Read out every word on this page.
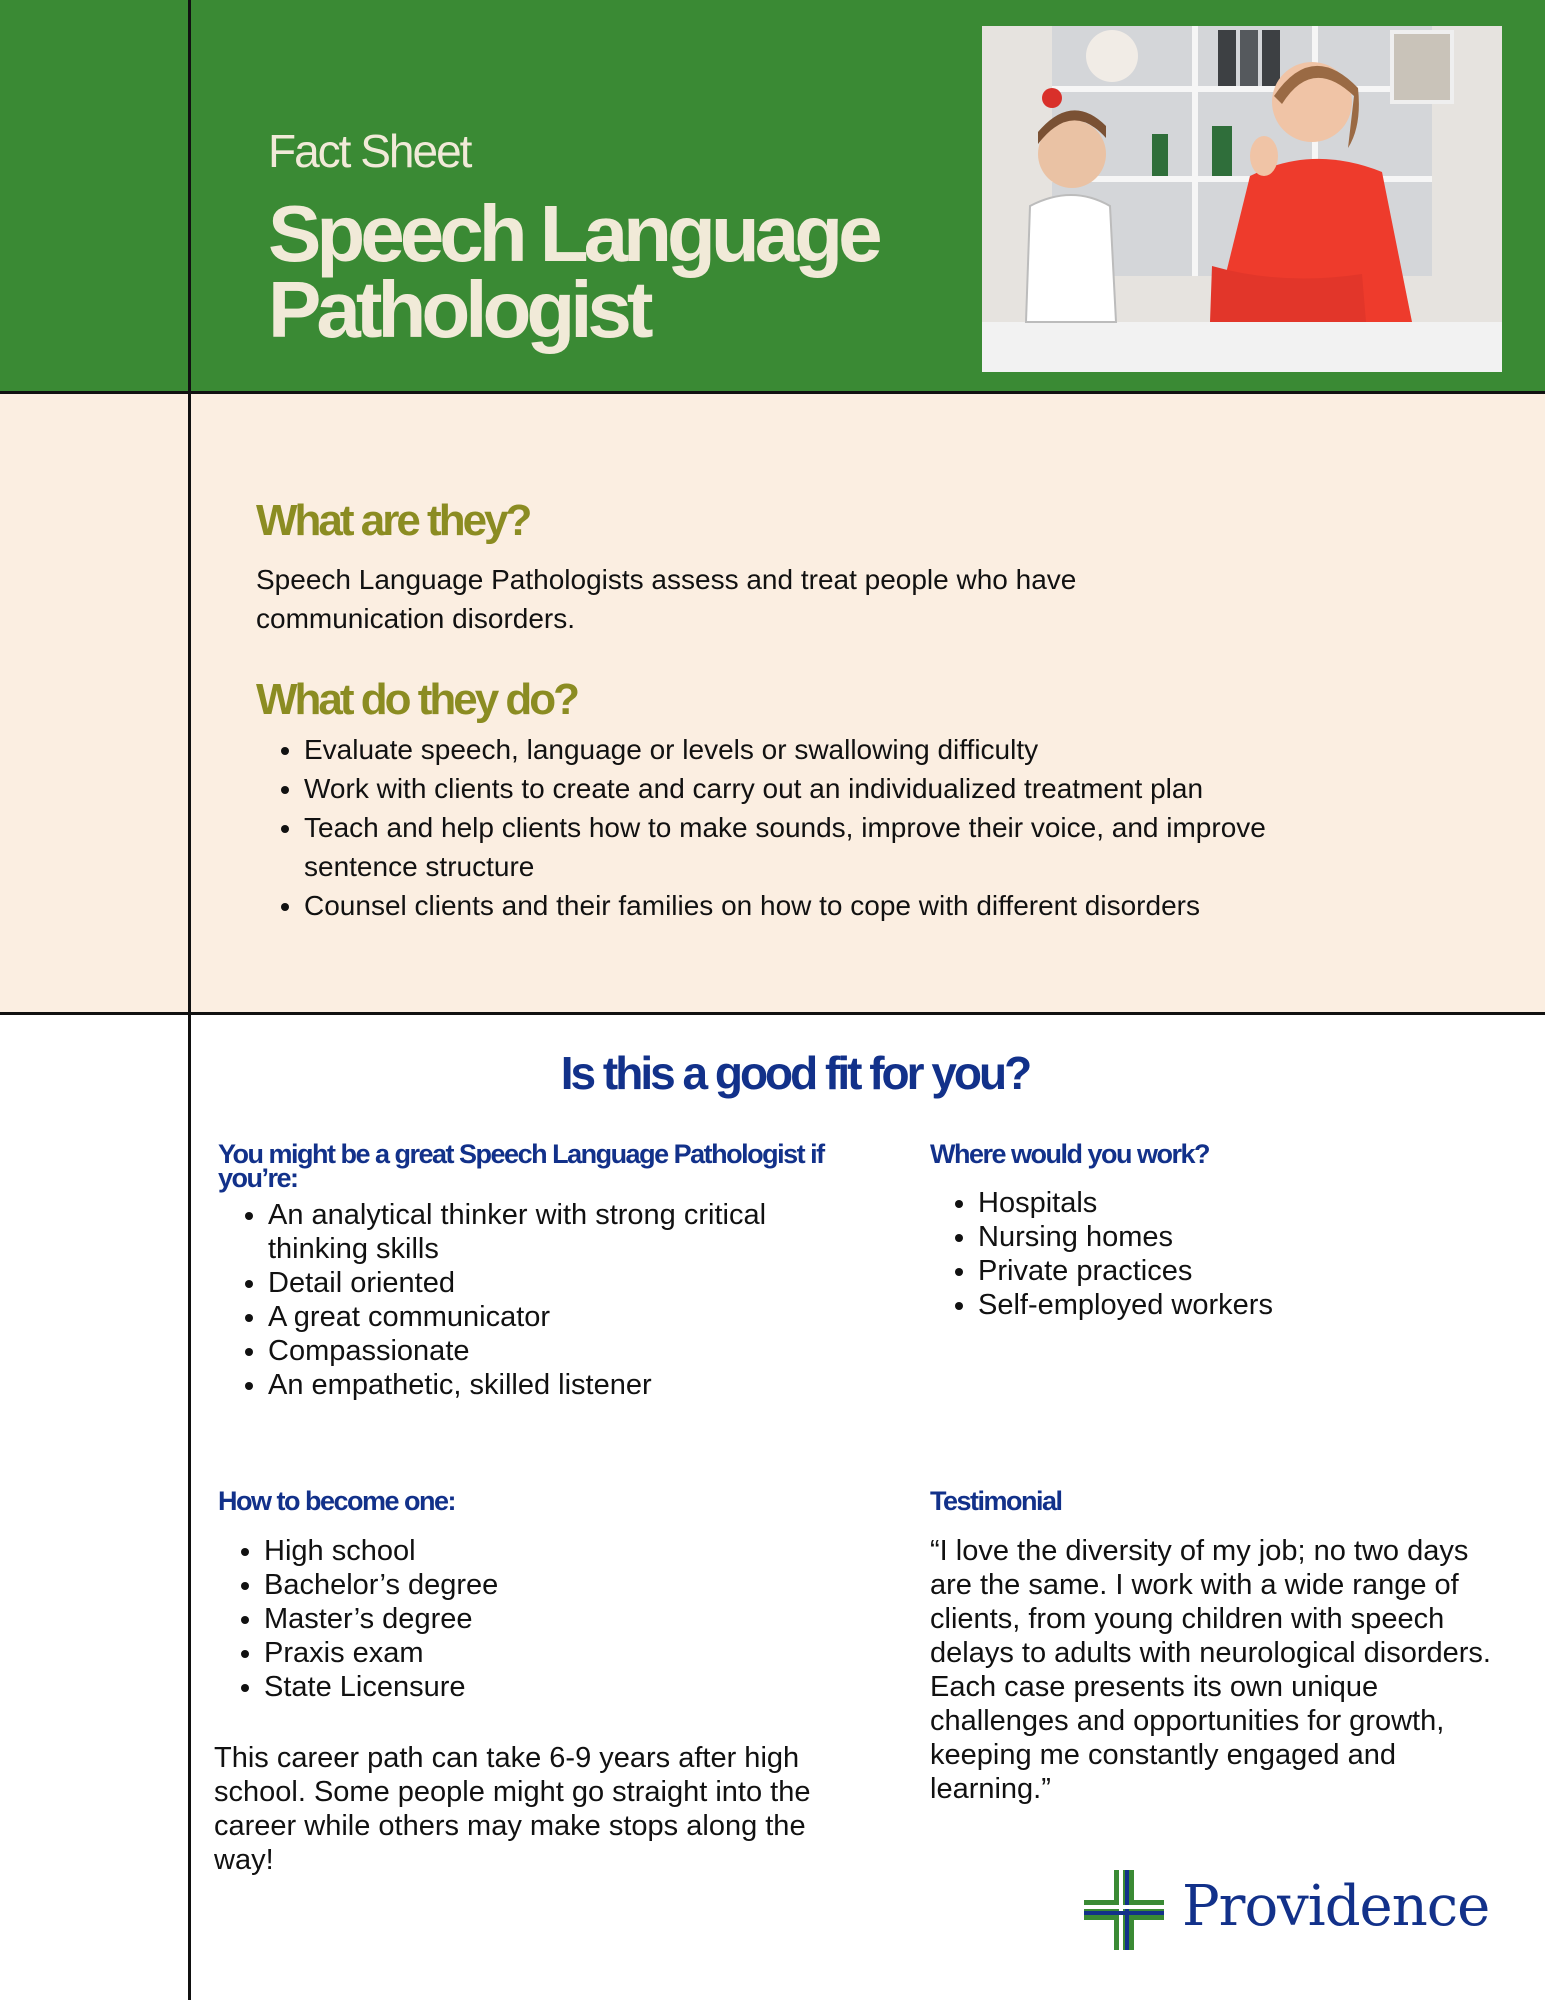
Fact Sheet
Speech Language Pathologist
What are they?
Speech Language Pathologists assess and treat people who have communication disorders.
What do they do?
• Evaluate speech, language or levels or swallowing difficulty
• Work with clients to create and carry out an individualized treatment plan
• Teach and help clients how to make sounds, improve their voice, and improve sentence structure
• Counsel clients and their families on how to cope with different disorders
Is this a good fit for you?
You might be a great Speech Language Pathologist if you’re:
• An analytical thinker with strong critical thinking skills
• Detail oriented
• A great communicator
• Compassionate
• An empathetic, skilled listener
Where would you work?
• Hospitals
• Nursing homes
• Private practices
• Self-employed workers
How to become one:
• High school
• Bachelor’s degree
• Master’s degree
• Praxis exam
• State Licensure
This career path can take 6-9 years after high school. Some people might go straight into the career while others may make stops along the way!
Testimonial
“I love the diversity of my job; no two days are the same. I work with a wide range of clients, from young children with speech delays to adults with neurological disorders. Each case presents its own unique challenges and opportunities for growth, keeping me constantly engaged and learning.”
Providence
